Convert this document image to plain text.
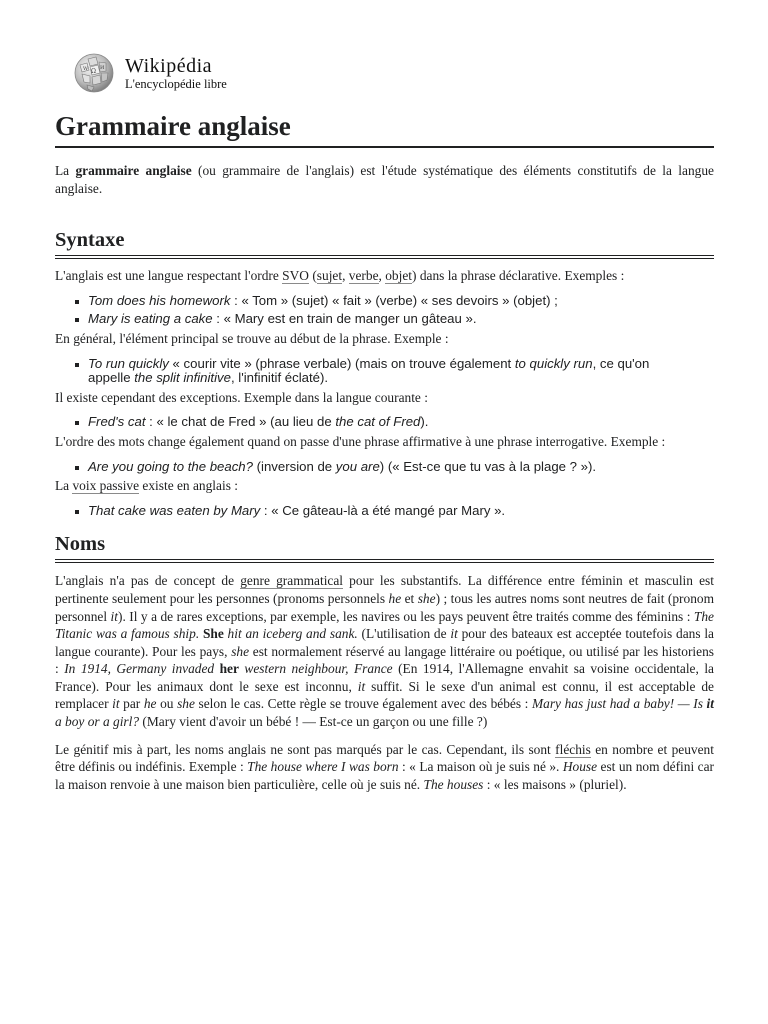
Ω
W И Wikipédia
L'encyclopédie libre
Grammaire anglaise

La grammaire anglaise (ou grammaire de l'anglais) est l'étude systématique des éléments constitutifs de la langue anglaise.

Syntaxe

L'anglais est une langue respectant l'ordre SVO (sujet, verbe, objet) dans la phrase déclarative. Exemples :

Tom does his homework : « Tom » (sujet) « fait » (verbe) « ses devoirs » (objet) ;
Mary is eating a cake : « Mary est en train de manger un gâteau ».

En général, l'élément principal se trouve au début de la phrase. Exemple :

To run quickly « courir vite » (phrase verbale) (mais on trouve également to quickly run, ce qu'on appelle the split infinitive, l'infinitif éclaté).

Il existe cependant des exceptions. Exemple dans la langue courante :

Fred's cat : « le chat de Fred » (au lieu de the cat of Fred).

L'ordre des mots change également quand on passe d'une phrase affirmative à une phrase interrogative. Exemple :

Are you going to the beach? (inversion de you are) (« Est-ce que tu vas à la plage ? »).

La voix passive existe en anglais :

That cake was eaten by Mary : « Ce gâteau-là a été mangé par Mary ».
Noms

L'anglais n'a pas de concept de genre grammatical pour les substantifs. La différence entre féminin et masculin est pertinente seulement pour les personnes (pronoms personnels he et she) ; tous les autres noms sont neutres de fait (pronom personnel it). Il y a de rares exceptions, par exemple, les navires ou les pays peuvent être traités comme des féminins : The Titanic was a famous ship. She hit an iceberg and sank. (L'utilisation de it pour des bateaux est acceptée toutefois dans la langue courante). Pour les pays, she est normalement réservé au langage littéraire ou poétique, ou utilisé par les historiens : In 1914, Germany invaded her western neighbour, France (En 1914, l'Allemagne envahit sa voisine occidentale, la France). Pour les animaux dont le sexe est inconnu, it suffit. Si le sexe d'un animal est connu, il est acceptable de remplacer it par he ou she selon le cas. Cette règle se trouve également avec des bébés : Mary has just had a baby! — Is it a boy or a girl? (Mary vient d'avoir un bébé ! — Est-ce un garçon ou une fille ?)

Le génitif mis à part, les noms anglais ne sont pas marqués par le cas. Cependant, ils sont fléchis en nombre et peuvent être définis ou indéfinis. Exemple : The house where I was born : « La maison où je suis né ». House est un nom défini car la maison renvoie à une maison bien particulière, celle où je suis né. The houses : « les maisons » (pluriel).
